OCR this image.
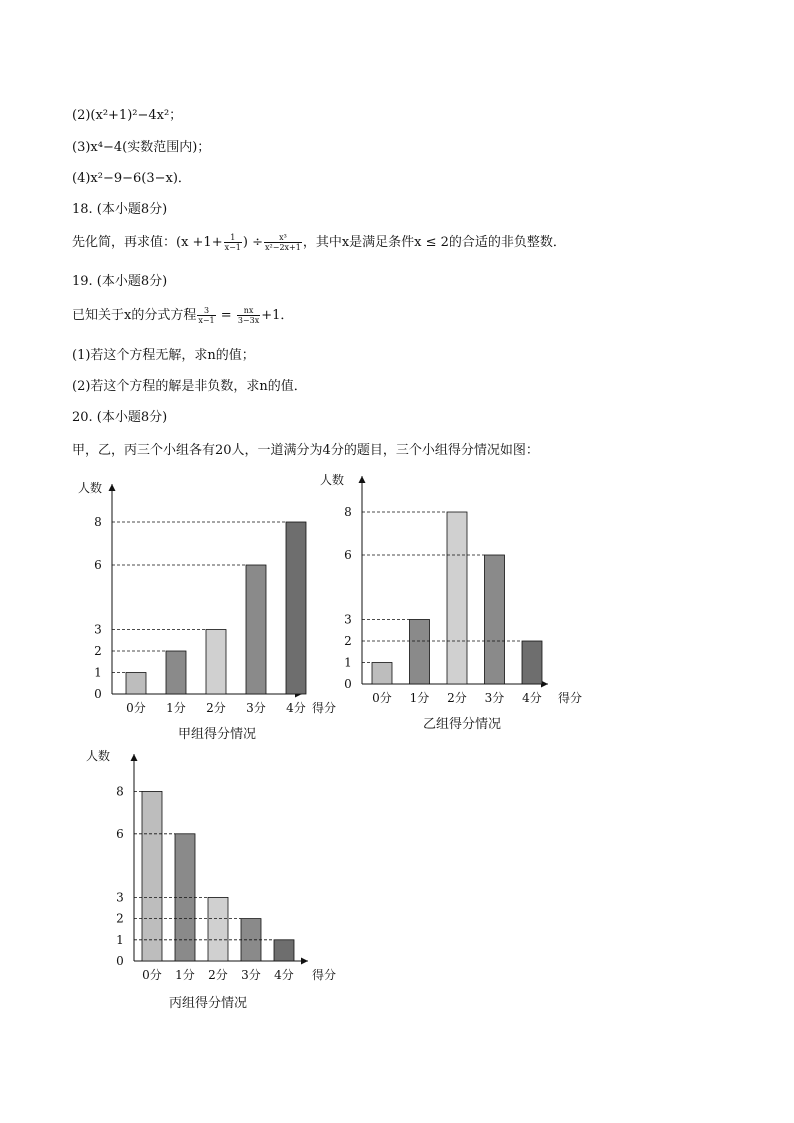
(2)(x²+1)²−4x²；
(3)x⁴−4(实数范围内)；
(4)x²−9−6(3−x)．
18. (本小题8分)
先化简，再求值：($x +1+ \frac{1}{x-1}$ ) ÷ $\frac{\text{x³}}{\text{x²−2x+1}}$ ，其中x是满足条件x ≤ 2的合适的非负整数．
19. (本小题8分)
已知关于x的分式方程 $\frac{3}{x-1} = \frac{nx}{3-3x} +1$．
(1)若这个方程无解，求n的值；
(2)若这个方程的解是非负数，求n的值．
20. (本小题8分)
甲，乙，丙三个小组各有20人，一道满分为4分的题目，三个小组得分情况如图：
人数
得分
0
1
2
3
6
8
0分 1分 2分 3分 4分
甲组得分情况
人数
得分
0
1
2
3
6
8
0分 1分 2分 3分 4分
乙组得分情况
人数
得分
0
1
2
3
6
8
0分 1分 2分 3分 4分
丙组得分情况
